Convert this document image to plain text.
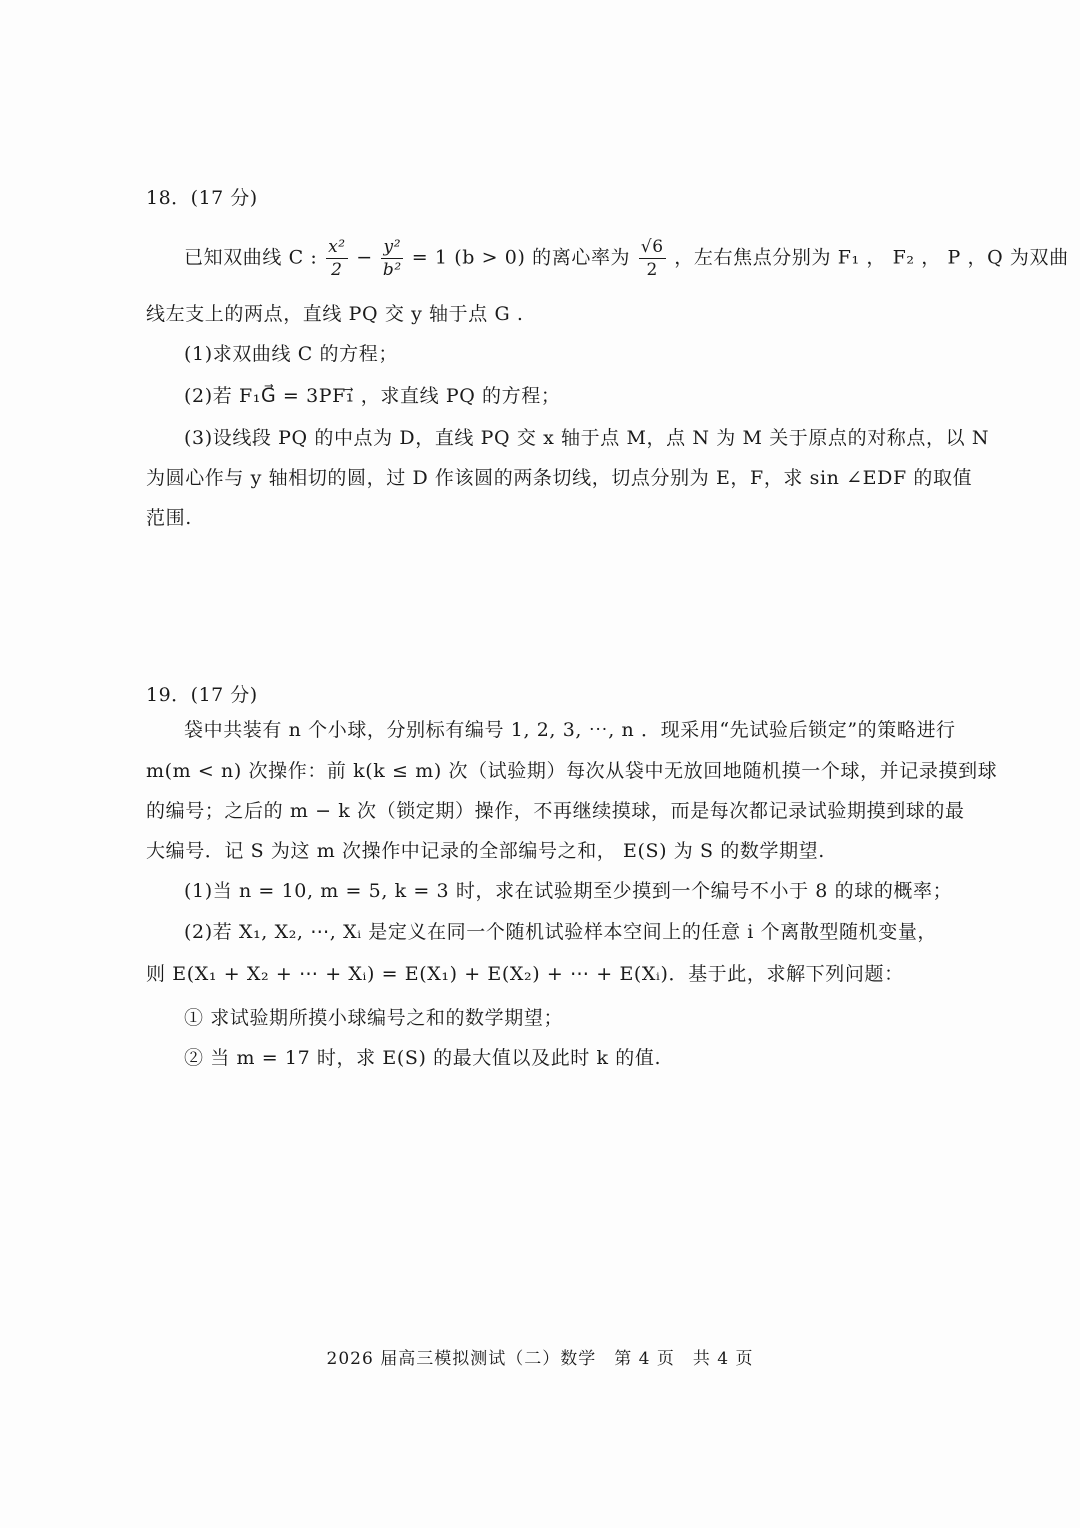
18．(17 分)
已知双曲线 C : $\frac{\text{x²}}{2} - \frac{\text{y²}}{\text{b²}} = 1$ (b > 0) 的离心率为 $\frac{√6}{2}$ ，左右焦点分别为 F₁ ， F₂ ， P ，Q 为双曲
线左支上的两点，直线 PQ 交 y 轴于点 G .
(1)求双曲线 C 的方程；
(2)若 F₁G⃗ = 3PF₁⃗ ，求直线 PQ 的方程；
(3)设线段 PQ 的中点为 D，直线 PQ 交 x 轴于点 M，点 N 为 M 关于原点的对称点，以 N
为圆心作与 y 轴相切的圆，过 D 作该圆的两条切线，切点分别为 E，F，求 sin ∠EDF 的取值
范围.
19．(17 分)
袋中共装有 n 个小球，分别标有编号 1, 2, 3, ⋯, n ．现采用“先试验后锁定”的策略进行
m(m < n) 次操作：前 k(k ≤ m) 次（试验期）每次从袋中无放回地随机摸一个球，并记录摸到球
的编号；之后的 m − k 次（锁定期）操作，不再继续摸球，而是每次都记录试验期摸到球的最
大编号．记 S 为这 m 次操作中记录的全部编号之和， E(S) 为 S 的数学期望.
(1)当 n = 10, m = 5, k = 3 时，求在试验期至少摸到一个编号不小于 8 的球的概率；
(2)若 X₁, X₂, ⋯, Xᵢ 是定义在同一个随机试验样本空间上的任意 i 个离散型随机变量，
则 E(X₁ + X₂ + ⋯ + Xᵢ) = E(X₁) + E(X₂) + ⋯ + E(Xᵢ)．基于此，求解下列问题：
① 求试验期所摸小球编号之和的数学期望；
② 当 m = 17 时，求 E(S) 的最大值以及此时 k 的值.
2026 届高三模拟测试（二）数学　第 4 页　共 4 页
